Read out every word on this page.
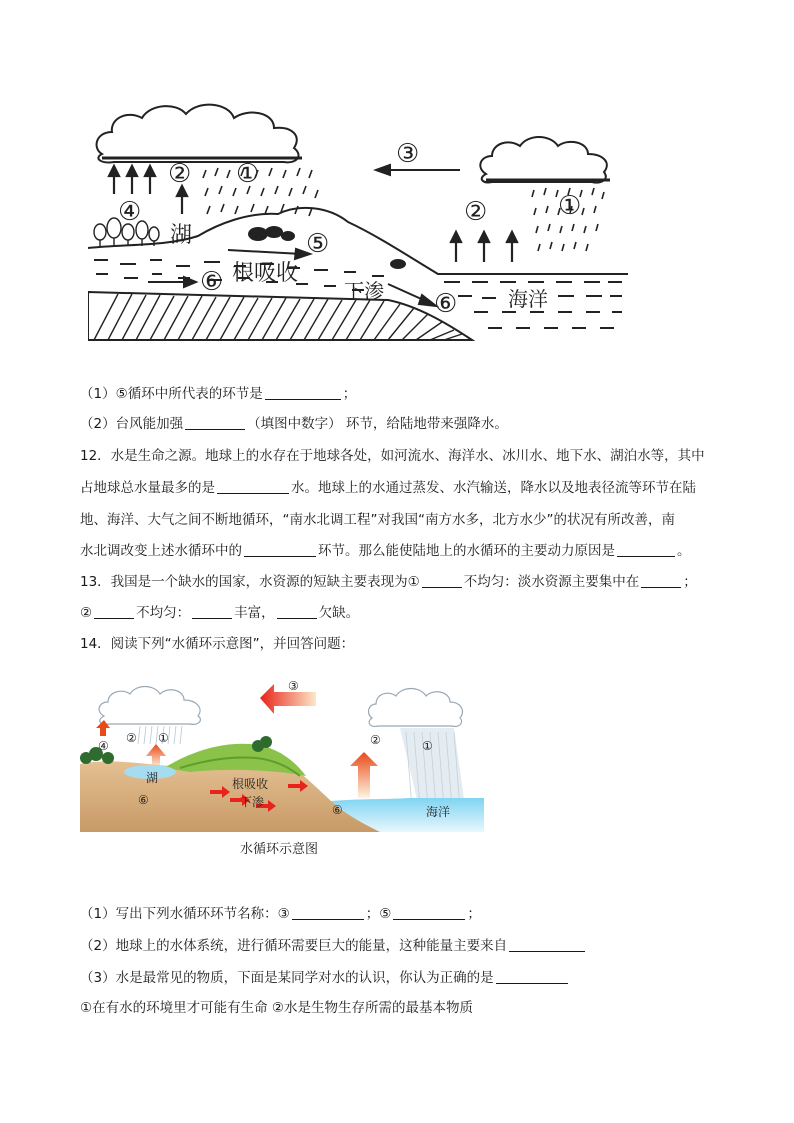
①
②
③
④
⑤
⑥
⑥
①
②
湖
根吸收
下渗	海洋
（1）⑤循环中所代表的环节是	；
（2）台风能加强	（填图中数字） 环节，给陆地带来强降水。
12．水是生命之源。地球上的水存在于地球各处，如河流水、海洋水、冰川水、地下水、湖泊水等，其中
占地球总水量最多的是	水。地球上的水通过蒸发、水汽输送，降水以及地表径流等环节在陆
地、海洋、大气之间不断地循环，“南水北调工程”对我国“南方水多，北方水少”的状况有所改善，南
水北调改变上述水循环中的	环节。那么能使陆地上的水循环的主要动力原因是	。
13．我国是一个缺水的国家，水资源的短缺主要表现为①	不均匀：淡水资源主要集中在	；
②	不均匀：	丰富，	欠缺。
14．阅读下列“水循环示意图”，并回答问题：
③
④
② ①	②	①
湖	根吸收
下渗
⑥
⑥	海洋
水循环示意图
（1）写出下列水循环环节名称：③	；⑤	；
（2）地球上的水体系统，进行循环需要巨大的能量，这种能量主要来自
（3）水是最常见的物质，下面是某同学对水的认识，你认为正确的是
①在有水的环境里才可能有生命 ②水是生物生存所需的最基本物质
